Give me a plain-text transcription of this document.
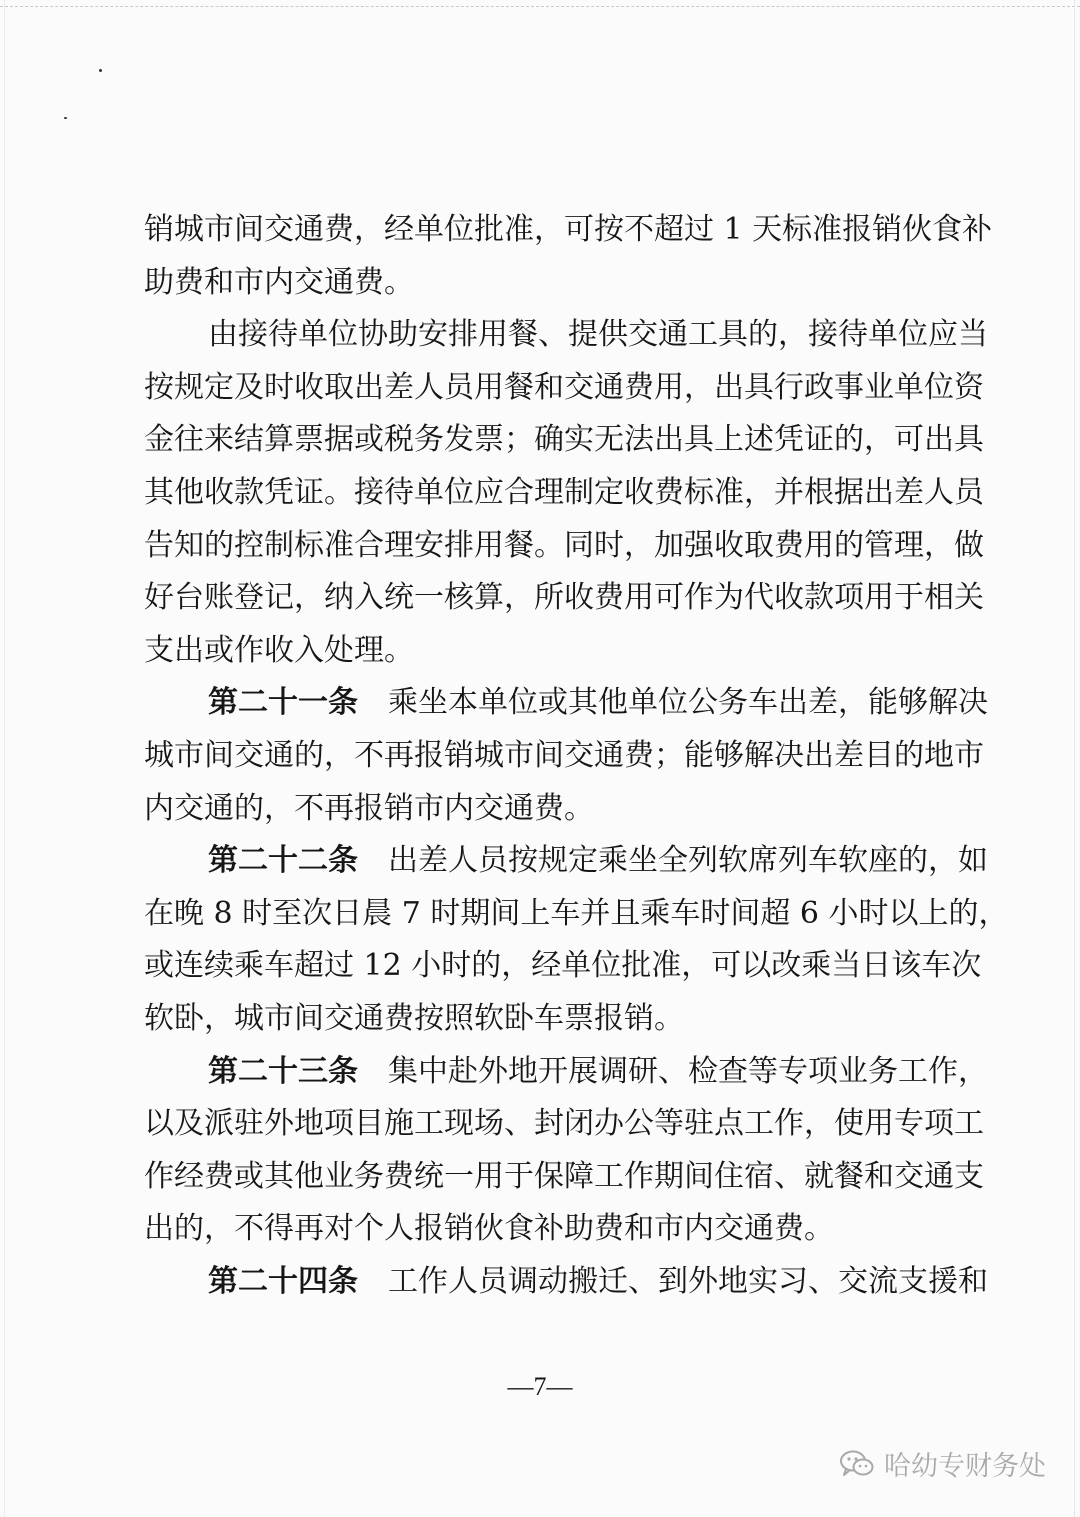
销城市间交通费，经单位批准，可按不超过 1 天标准报销伙食补
助费和市内交通费。
由接待单位协助安排用餐、提供交通工具的，接待单位应当
按规定及时收取出差人员用餐和交通费用，出具行政事业单位资
金往来结算票据或税务发票；确实无法出具上述凭证的，可出具
其他收款凭证。接待单位应合理制定收费标准，并根据出差人员
告知的控制标准合理安排用餐。同时，加强收取费用的管理，做
好台账登记，纳入统一核算，所收费用可作为代收款项用于相关
支出或作收入处理。
第二十一条 乘坐本单位或其他单位公务车出差，能够解决
城市间交通的，不再报销城市间交通费；能够解决出差目的地市
内交通的，不再报销市内交通费。
第二十二条 出差人员按规定乘坐全列软席列车软座的，如
在晚 8 时至次日晨 7 时期间上车并且乘车时间超 6 小时以上的，
或连续乘车超过 12 小时的，经单位批准，可以改乘当日该车次
软卧，城市间交通费按照软卧车票报销。
第二十三条 集中赴外地开展调研、检查等专项业务工作，
以及派驻外地项目施工现场、封闭办公等驻点工作，使用专项工
作经费或其他业务费统一用于保障工作期间住宿、就餐和交通支
出的，不得再对个人报销伙食补助费和市内交通费。
第二十四条 工作人员调动搬迁、到外地实习、交流支援和
—7—
哈幼专财务处
